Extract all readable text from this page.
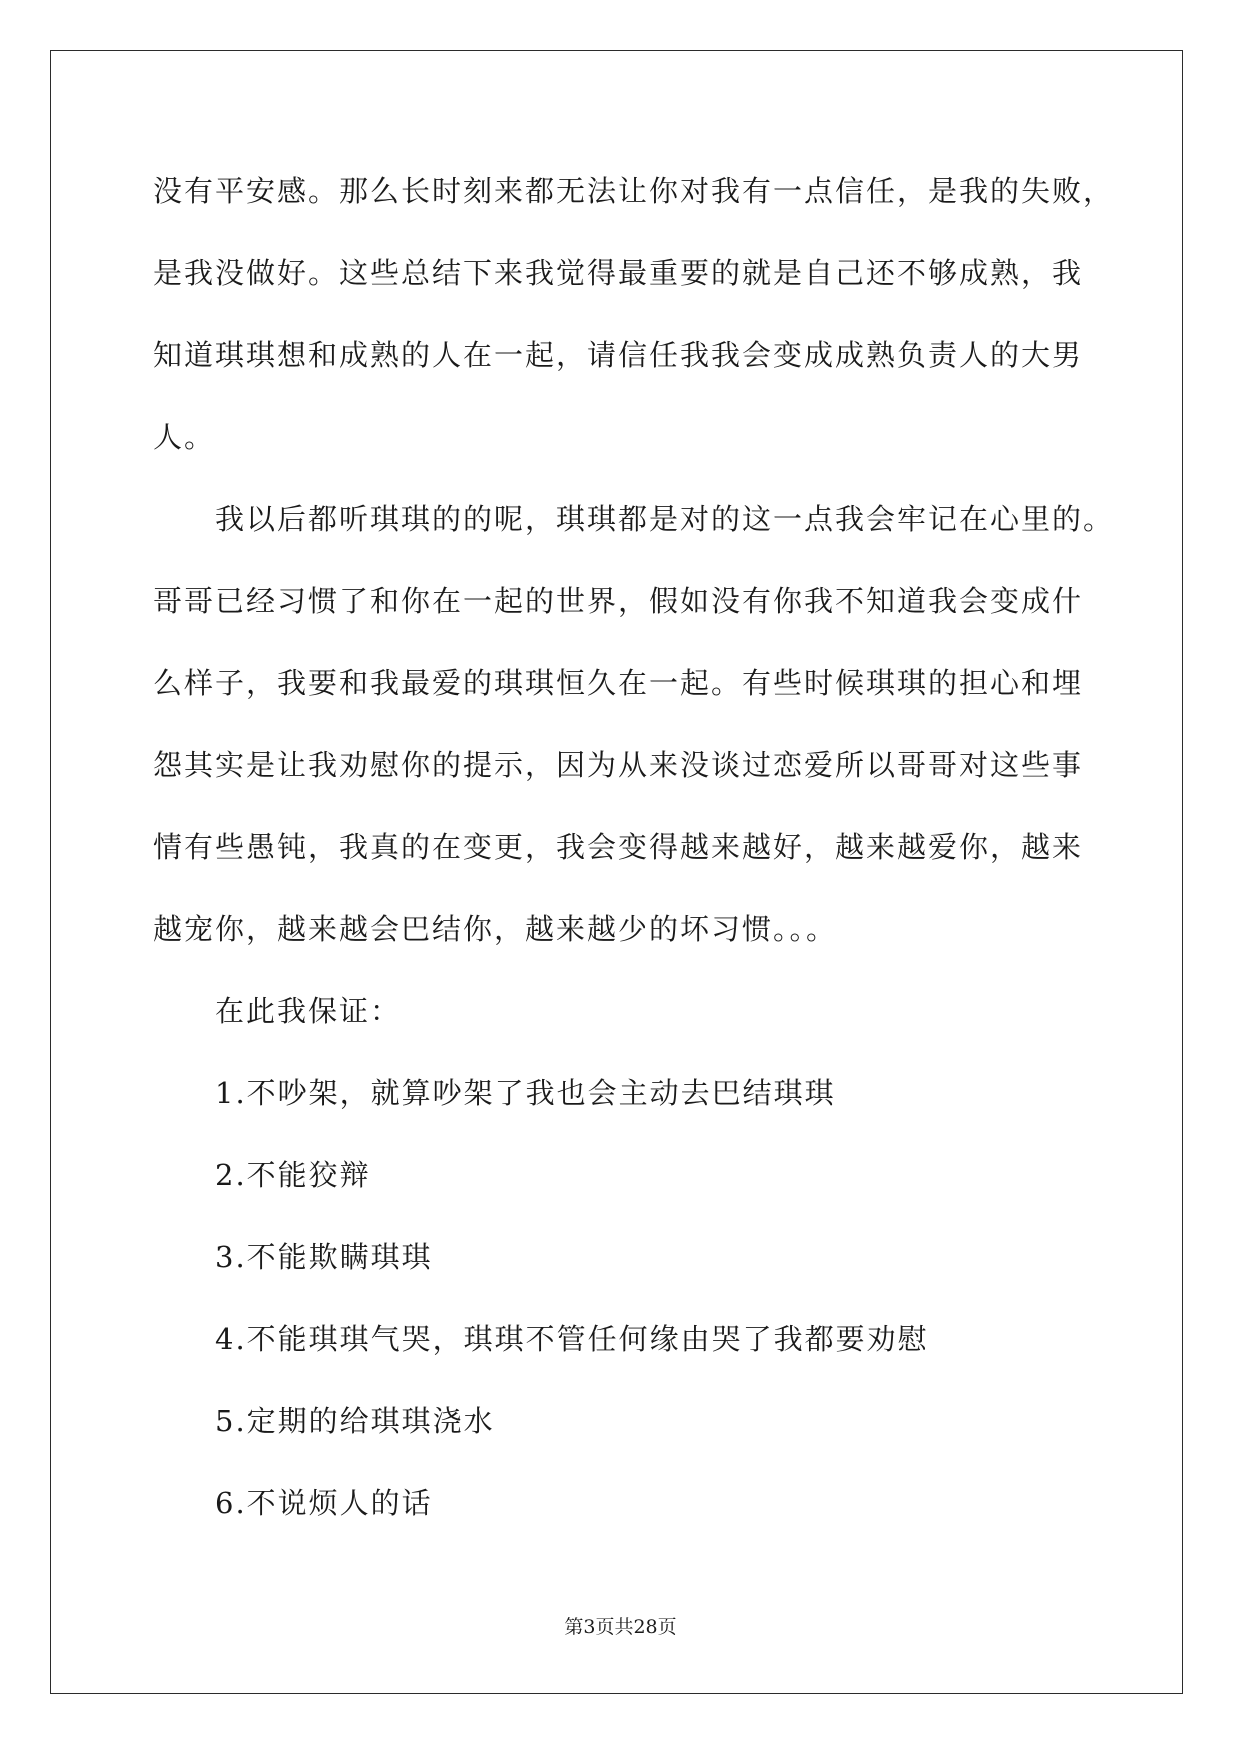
没有平安感。那么长时刻来都无法让你对我有一点信任，是我的失败，
是我没做好。这些总结下来我觉得最重要的就是自己还不够成熟，我
知道琪琪想和成熟的人在一起，请信任我我会变成成熟负责人的大男
人。
我以后都听琪琪的的呢，琪琪都是对的这一点我会牢记在心里的。
哥哥已经习惯了和你在一起的世界，假如没有你我不知道我会变成什
么样子，我要和我最爱的琪琪恒久在一起。有些时候琪琪的担心和埋
怨其实是让我劝慰你的提示，因为从来没谈过恋爱所以哥哥对这些事
情有些愚钝，我真的在变更，我会变得越来越好，越来越爱你，越来
越宠你，越来越会巴结你，越来越少的坏习惯。。。
在此我保证：
1.不吵架，就算吵架了我也会主动去巴结琪琪
2.不能狡辩
3.不能欺瞒琪琪
4.不能琪琪气哭，琪琪不管任何缘由哭了我都要劝慰
5.定期的给琪琪浇水
6.不说烦人的话
第3页共28页
